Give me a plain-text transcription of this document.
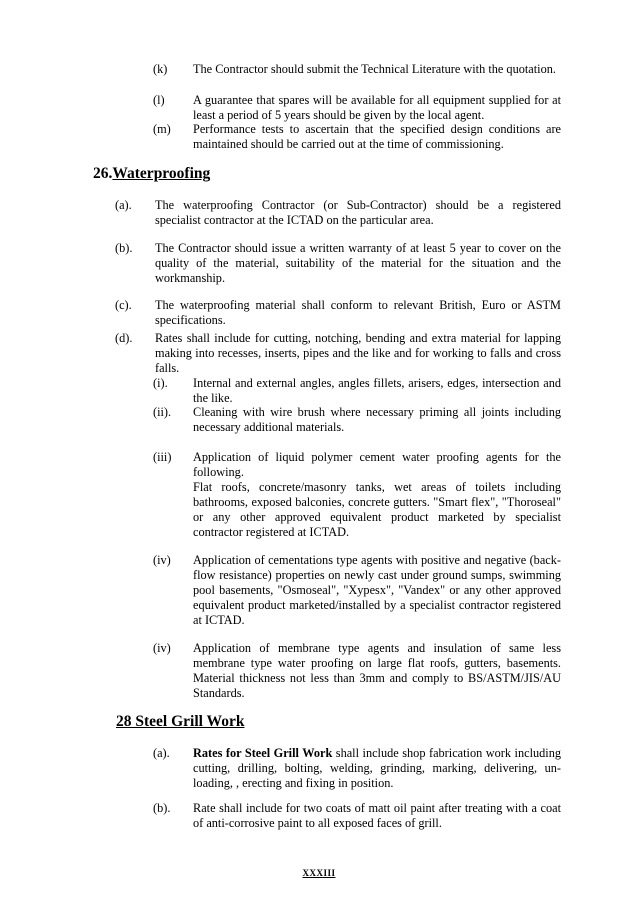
(k) The Contractor should submit the Technical Literature with the quotation.
(l) A guarantee that spares will be available for all equipment supplied for at least a period of 5 years should be given by the local agent.
(m) Performance tests to ascertain that the specified design conditions are maintained should be carried out at the time of commissioning.
26.Waterproofing
(a). The waterproofing Contractor (or Sub-Contractor) should be a registered specialist contractor at the ICTAD on the particular area.
(b). The Contractor should issue a written warranty of at least 5 year to cover on the quality of the material, suitability of the material for the situation and the workmanship.
(c). The waterproofing material shall conform to relevant British, Euro or ASTM specifications.
(d). Rates shall include for cutting, notching, bending and extra material for lapping making into recesses, inserts, pipes and the like and for working to falls and cross falls.
(i). Internal and external angles, angles fillets, arisers, edges, intersection and the like.
(ii). Cleaning with wire brush where necessary priming all joints including necessary additional materials.
(iii) Application of liquid polymer cement water proofing agents for the following.
Flat roofs, concrete/masonry tanks, wet areas of toilets including bathrooms, exposed balconies, concrete gutters. "Smart flex", "Thoroseal" or any other approved equivalent product marketed by specialist contractor registered at ICTAD.
(iv) Application of cementations type agents with positive and negative (back-flow resistance) properties on newly cast under ground sumps, swimming pool basements, "Osmoseal", "Xypesx", "Vandex" or any other approved equivalent product marketed/installed by a specialist contractor registered at ICTAD.
(iv) Application of membrane type agents and insulation of same less membrane type water proofing on large flat roofs, gutters, basements. Material thickness not less than 3mm and comply to BS/ASTM/JIS/AU Standards.
28 Steel Grill Work
(a). Rates for Steel Grill Work shall include shop fabrication work including cutting, drilling, bolting, welding, grinding, marking, delivering, un-loading, , erecting and fixing in position.
(b). Rate shall include for two coats of matt oil paint after treating with a coat of anti-corrosive paint to all exposed faces of grill.
XXXIII
